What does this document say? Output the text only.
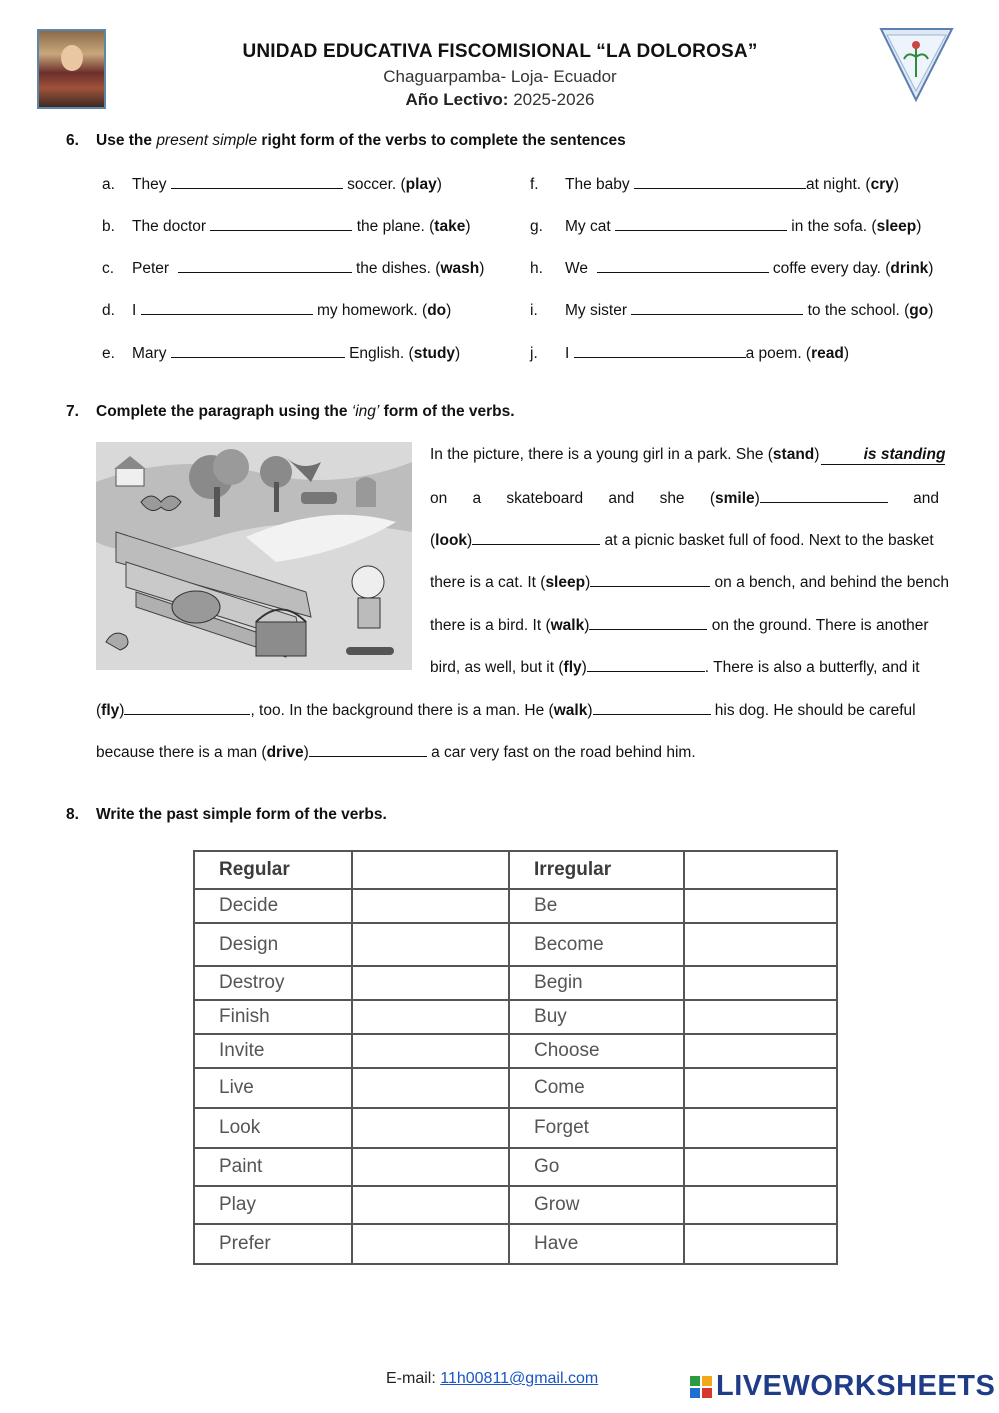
UNIDAD EDUCATIVA FISCOMISIONAL “LA DOLOROSA”
Chaguarpamba- Loja- Ecuador
Año Lectivo: 2025-2026
6. Use the present simple right form of the verbs to complete the sentences
a. They	soccer. (play)
b. The doctor	the plane. (take)
c. Peter	the dishes. (wash)
d. I	my homework. (do)
e. Mary	English. (study)
f. The baby	at night. (cry)
g. My cat	in the sofa. (sleep)
h. We	coffe every day. (drink)
i. My sister	to the school. (go)
j. I	a poem. (read)
7. Complete the paragraph using the ‘ing’ form of the verbs.
In the picture, there is a young girl in a park. She (stand)	is standing
on a skateboard and she (smile)	and
(look)	at a picnic basket full of food. Next to the basket
there is a cat. It (sleep)	on a bench, and behind the bench
there is a bird. It (walk)	on the ground. There is another
bird, as well, but it (fly)	. There is also a butterfly, and it
(fly)	, too. In the background there is a man. He (walk)	his dog. He should be careful
because there is a man (drive)	a car very fast on the road behind him.
8. Write the past simple form of the verbs.
Regular		Irregular	
Decide		Be	
Design		Become	
Destroy		Begin	
Finish		Buy	
Invite		Choose	
Live		Come	
Look		Forget	
Paint		Go	
Play		Grow	
Prefer		Have	
E-mail: 11h00811@gmail.com	LIVEWORKSHEETS
